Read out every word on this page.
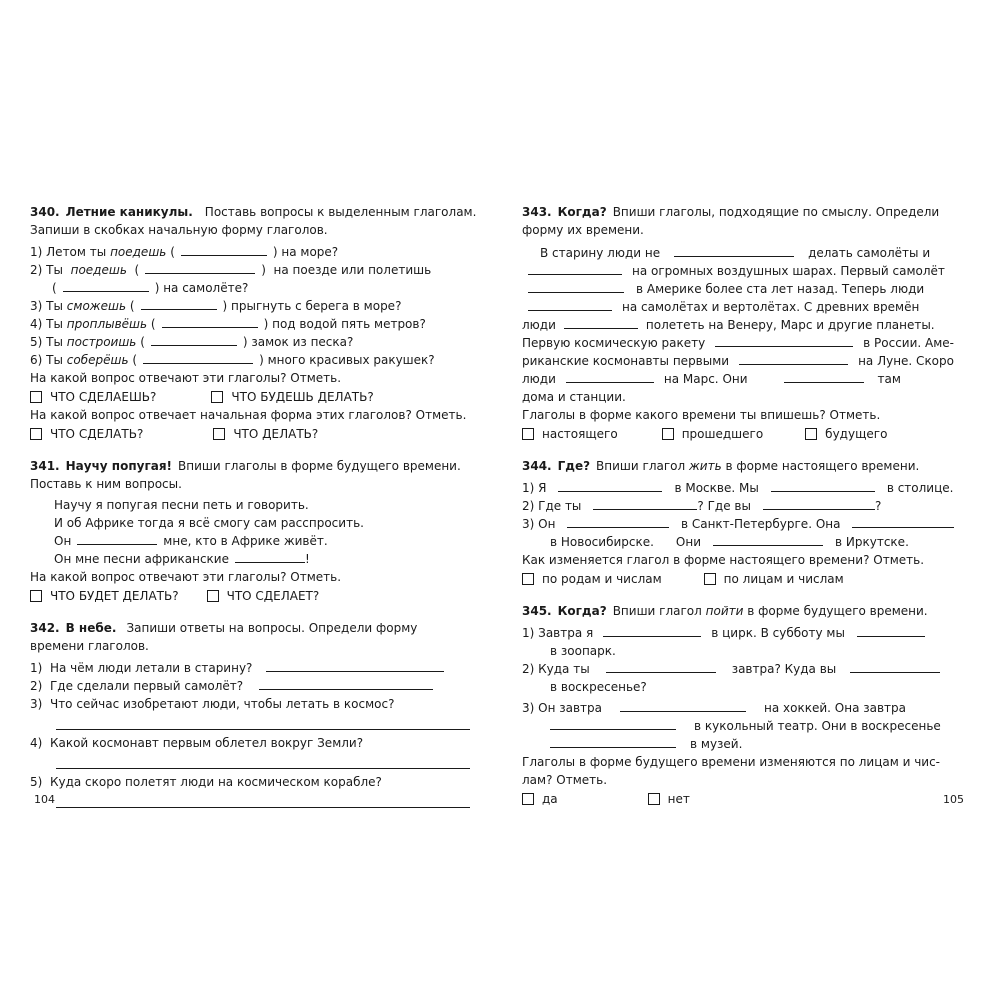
340. Летние каникулы. Поставь вопросы к выделенным глаголам.
Запиши в скобках начальную форму глаголов.
1)
Летом ты
поедешь (	) на море?
2)
Ты
поедешь (	) на поезде или полетишь
(	) на самолёте?
3)
Ты
сможешь (	) прыгнуть с берега в море?
4)
Ты
проплывёшь (	) под водой пять метров?
5)
Ты
построишь (	) замок из песка?
6)
Ты
соберёшь (	) много красивых ракушек?
На какой вопрос отвечают эти глаголы? Отметь.
ЧТО СДЕЛАЕШЬ?	ЧТО БУДЕШЬ ДЕЛАТЬ?
На какой вопрос отвечает начальная форма этих глаголов? Отметь.
ЧТО СДЕЛАТЬ?	ЧТО ДЕЛАТЬ?
341. Научу попугая! Впиши глаголы в форме будущего времени.
Поставь к ним вопросы.
Научу я попугая песни петь и говорить.
И об Африке тогда я всё смогу сам расспросить.
Он	мне, кто в Африке живёт.
Он мне песни африканские	!
На какой вопрос отвечают эти глаголы? Отметь.
ЧТО БУДЕТ ДЕЛАТЬ?	ЧТО СДЕЛАЕТ?
342. В небе. Запиши ответы на вопросы. Определи форму
времени глаголов.
1)
На чём люди летали в старину?
2)
Где сделали первый самолёт?
3)
Что сейчас изобретают люди, чтобы летать в космос?
4)
Какой космонавт первым облетел вокруг Земли?
5)
Куда скоро полетят люди на космическом корабле?
104
343. Когда? Впиши глаголы, подходящие по смыслу. Определи
форму их времени.
В старину люди не	делать самолёты и
на огромных воздушных шарах. Первый самолёт
в Америке более ста лет назад. Теперь люди
на самолётах и вертолётах. С древних времён
люди	полететь на Венеру, Марс и другие планеты.
Первую космическую ракету	в России. Аме-
риканские космонавты первыми	на Луне. Скоро
люди	на Марс. Они	там
дома и станции.
Глаголы в форме какого времени ты впишешь? Отметь.
настоящего	прошедшего	будущего
344. Где? Впиши глагол
жить
в форме настоящего времени.
1) Я	в Москве. Мы	в столице.
2) Где ты	? Где вы	?
3) Он	в Санкт-Петербурге. Она
в Новосибирске. Они	в Иркутске.
Как изменяется глагол в форме настоящего времени? Отметь.
по родам и числам	по лицам и числам
345. Когда? Впиши глагол
пойти
в форме будущего времени.
1) Завтра я	в цирк. В субботу мы
в зоопарк.
2) Куда ты	завтра? Куда вы
в воскресенье?
3) Он завтра	на хоккей. Она завтра
в кукольный театр. Они в воскресенье
в музей.
Глаголы в форме будущего времени изменяются по лицам и чис-
лам? Отметь.
да	нет	105
